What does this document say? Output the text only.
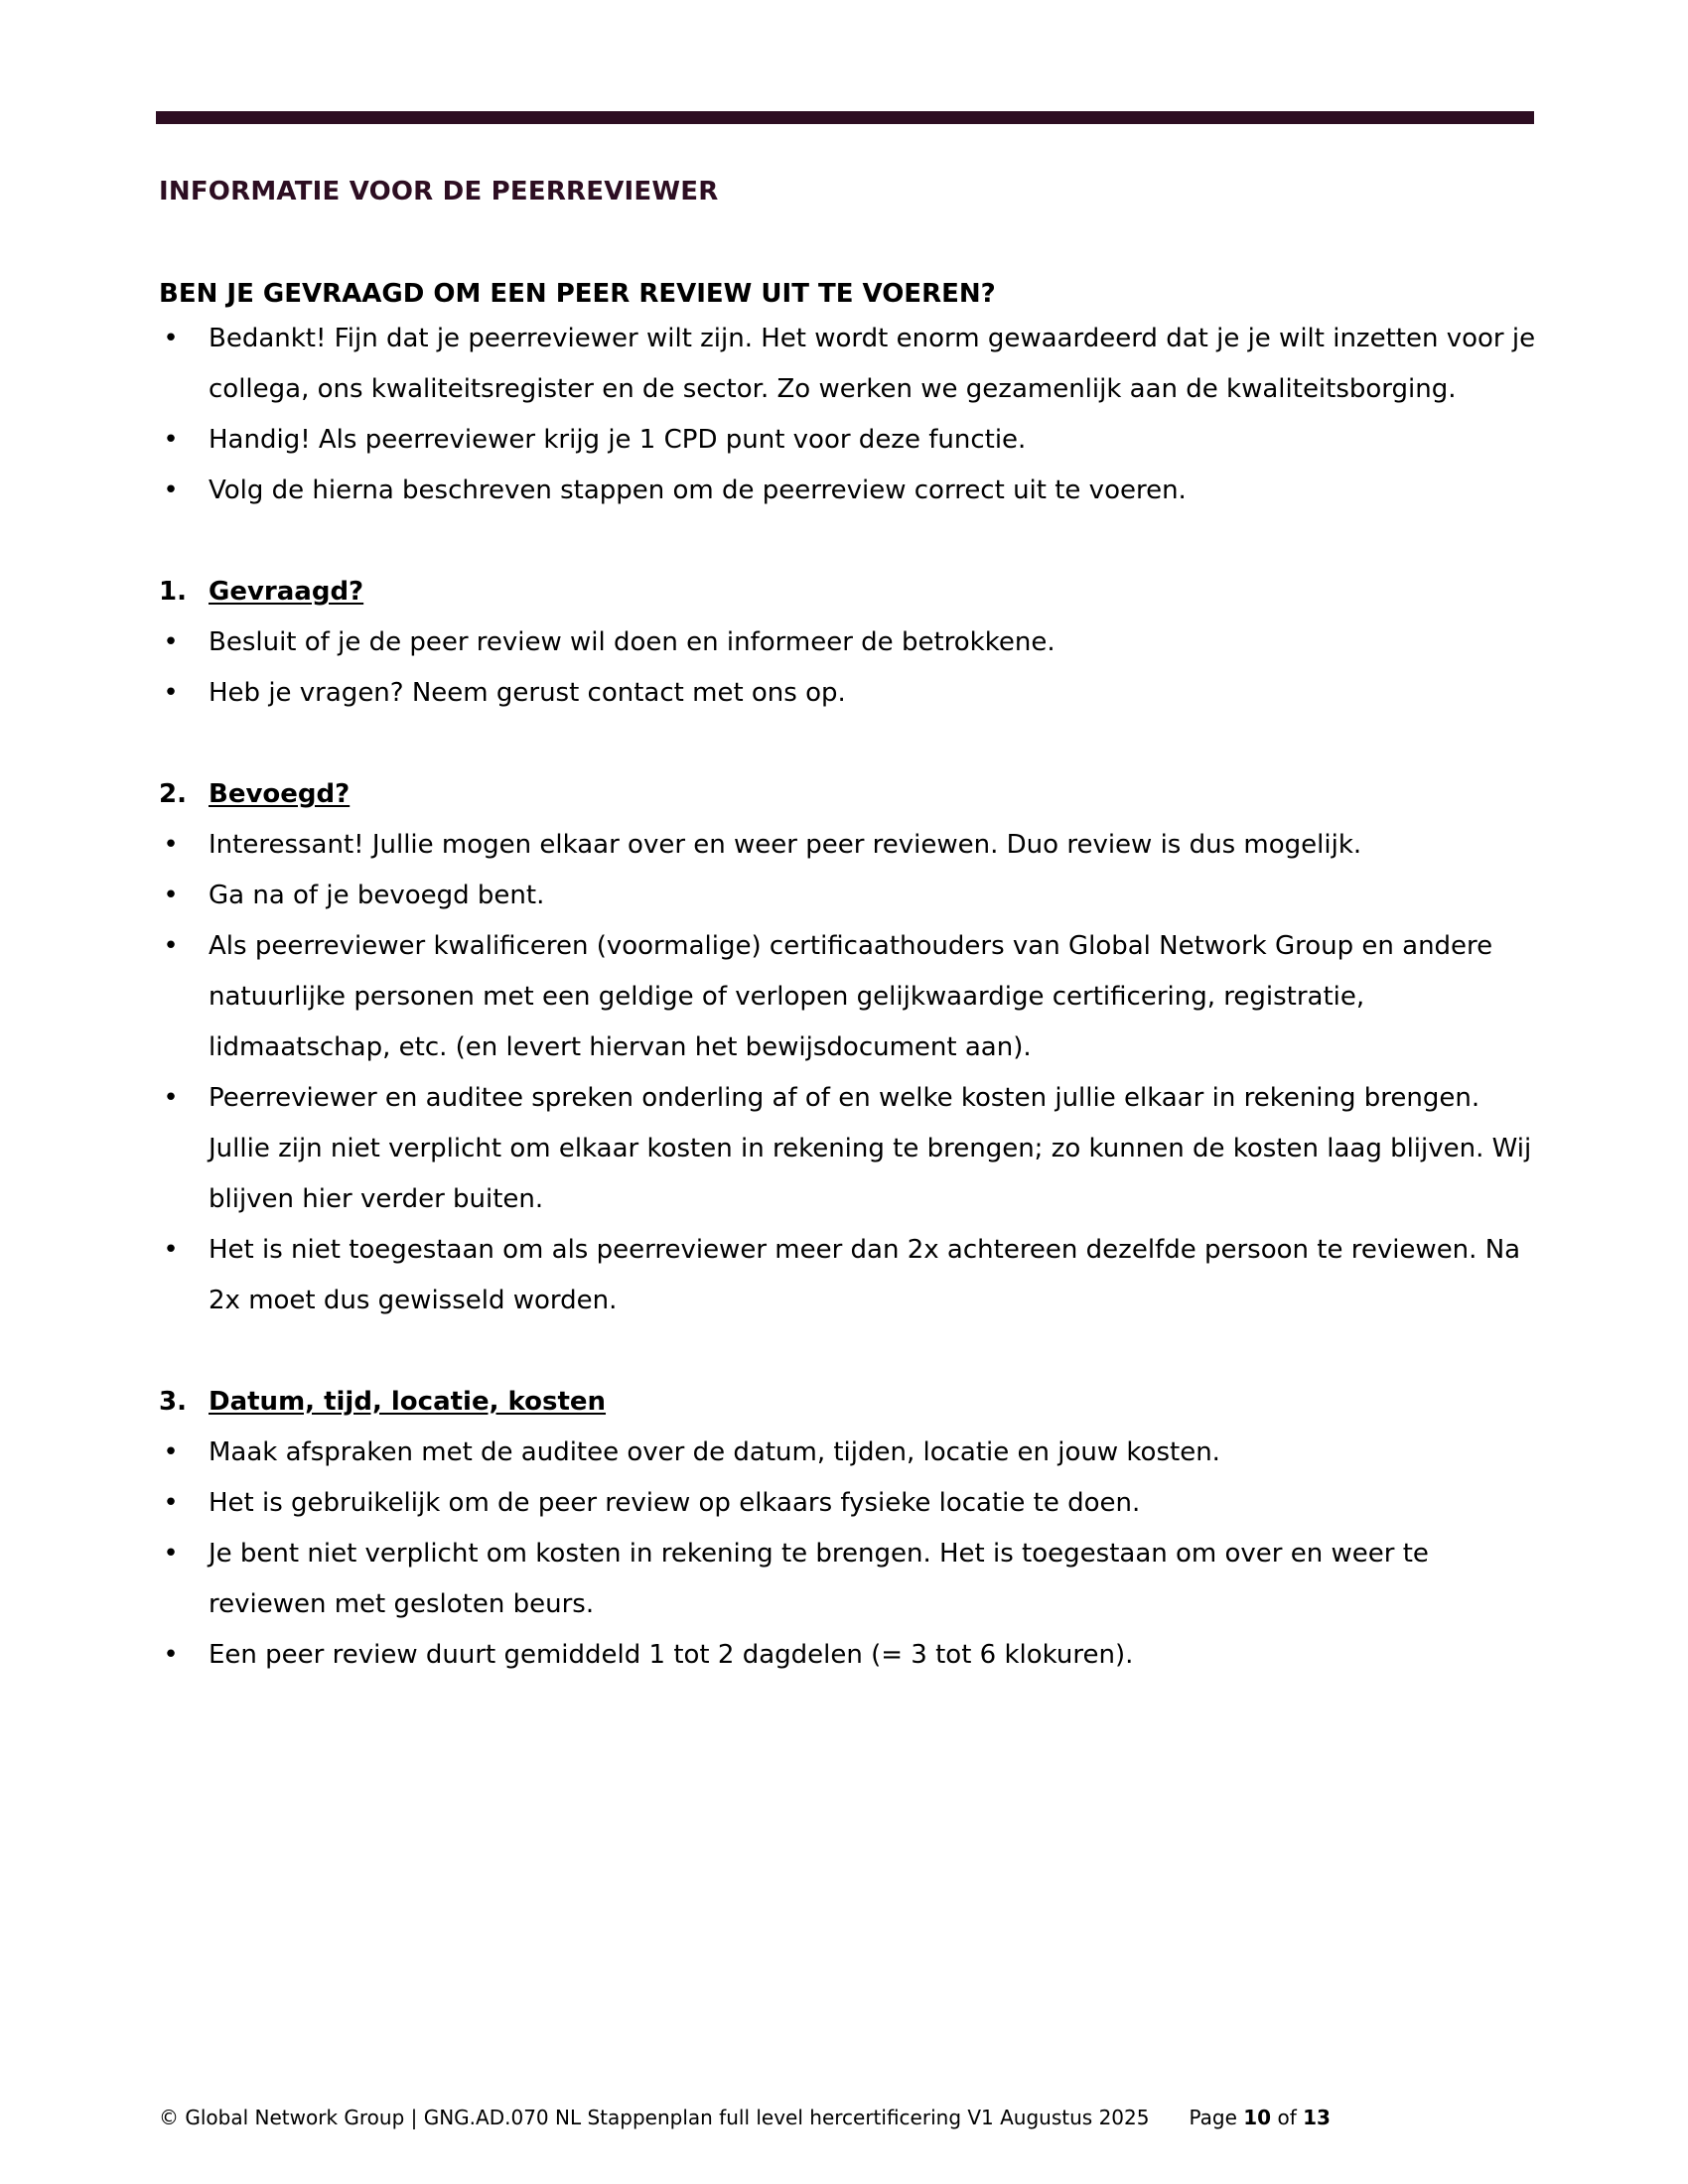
INFORMATIE VOOR DE PEERREVIEWER
BEN JE GEVRAAGD OM EEN PEER REVIEW UIT TE VOEREN?
• Bedankt! Fijn dat je peerreviewer wilt zijn. Het wordt enorm gewaardeerd dat je je wilt inzetten voor je collega, ons kwaliteitsregister en de sector. Zo werken we gezamenlijk aan de kwaliteitsborging.
• Handig! Als peerreviewer krijg je 1 CPD punt voor deze functie.
• Volg de hierna beschreven stappen om de peerreview correct uit te voeren.
1. Gevraagd?
• Besluit of je de peer review wil doen en informeer de betrokkene.
• Heb je vragen? Neem gerust contact met ons op.
2. Bevoegd?
• Interessant! Jullie mogen elkaar over en weer peer reviewen. Duo review is dus mogelijk.
• Ga na of je bevoegd bent.
• Als peerreviewer kwalificeren (voormalige) certificaathouders van Global Network Group en andere natuurlijke personen met een geldige of verlopen gelijkwaardige certificering, registratie, lidmaatschap, etc. (en levert hiervan het bewijsdocument aan).
• Peerreviewer en auditee spreken onderling af of en welke kosten jullie elkaar in rekening brengen. Jullie zijn niet verplicht om elkaar kosten in rekening te brengen; zo kunnen de kosten laag blijven. Wij blijven hier verder buiten.
• Het is niet toegestaan om als peerreviewer meer dan 2x achtereen dezelfde persoon te reviewen. Na 2x moet dus gewisseld worden.
3. Datum, tijd, locatie, kosten
• Maak afspraken met de auditee over de datum, tijden, locatie en jouw kosten.
• Het is gebruikelijk om de peer review op elkaars fysieke locatie te doen.
• Je bent niet verplicht om kosten in rekening te brengen. Het is toegestaan om over en weer te reviewen met gesloten beurs.
• Een peer review duurt gemiddeld 1 tot 2 dagdelen (= 3 tot 6 klokuren).
© Global Network Group | GNG.AD.070 NL Stappenplan full level hercertificering V1 Augustus 2025 Page 10 of 13
